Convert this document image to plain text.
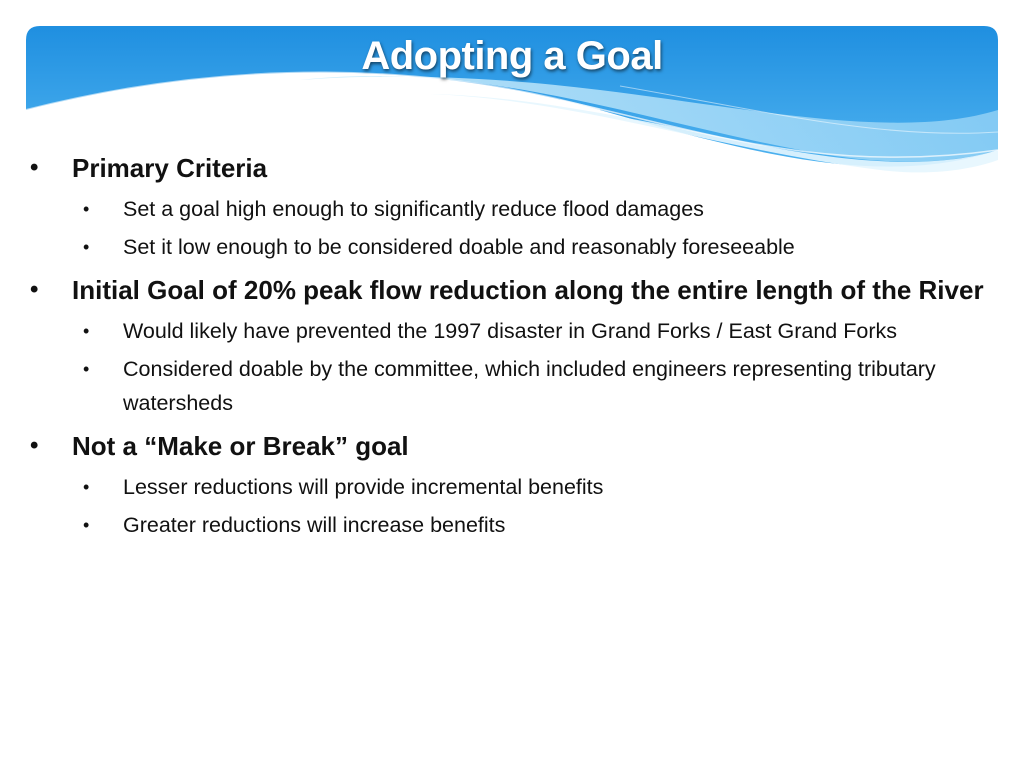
Adopting a Goal
• Primary Criteria
• Set a goal high enough to significantly reduce flood damages
• Set it low enough to be considered doable and reasonably foreseeable
• Initial Goal of 20% peak flow reduction along the entire length of the River
• Would likely have prevented the 1997 disaster in Grand Forks / East Grand Forks
• Considered doable by the committee, which included engineers representing tributary watersheds
• Not a “Make or Break” goal
• Lesser reductions will provide incremental benefits
• Greater reductions will increase benefits
